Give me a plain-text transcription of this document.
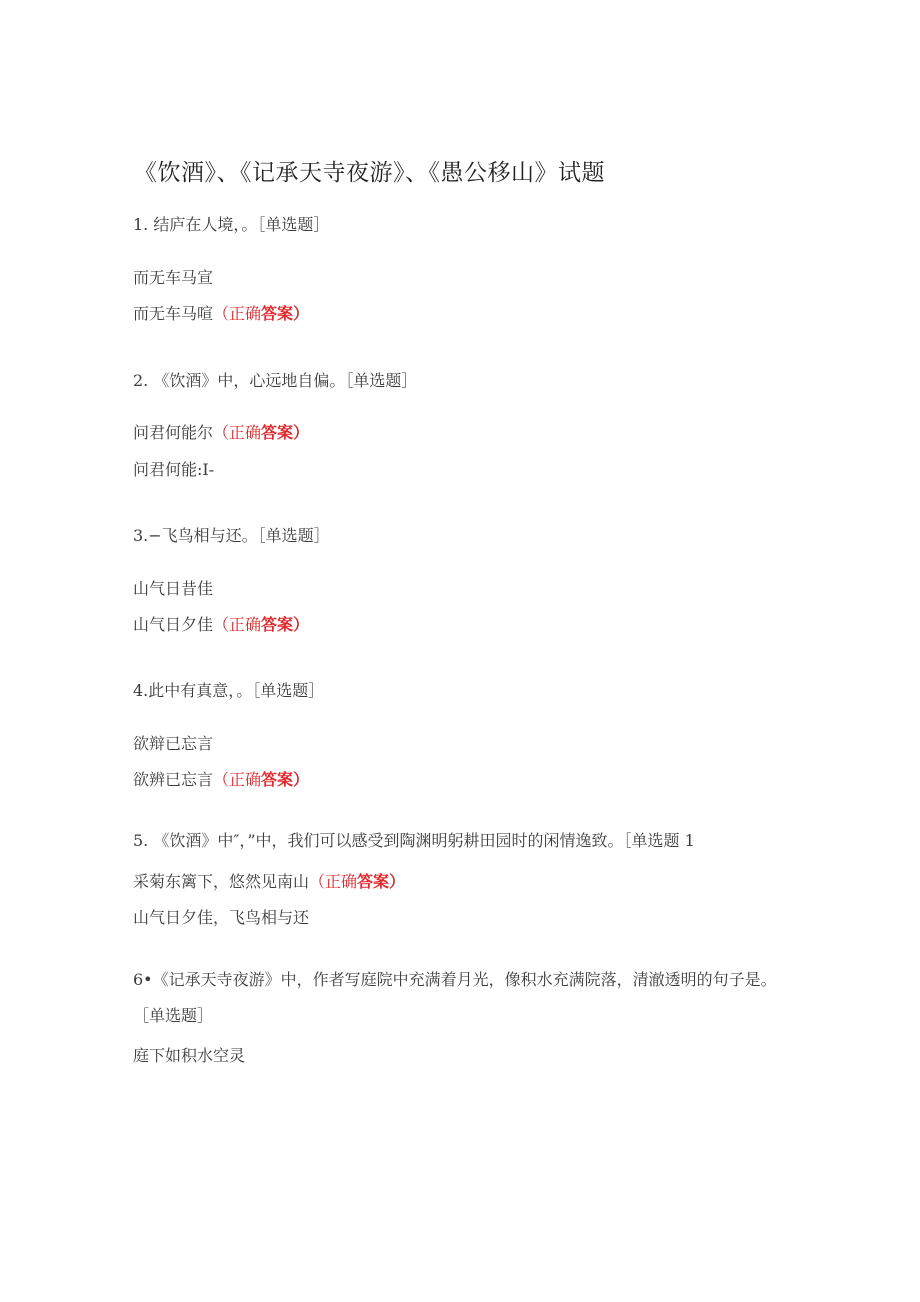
《饮酒》、《记承天寺夜游》、《愚公移山》试题
1. 结庐在人境，。［单选题］
而无车马宣
而无车马喧（正确答案）
2. 《饮酒》中，心远地自偏。［单选题］
问君何能尔（正确答案）
问君何能:I-
3.−飞鸟相与还。［单选题］
山气日昔佳
山气日夕佳（正确答案）
4.此中有真意，。［单选题］
欲辩已忘言
欲辨已忘言（正确答案）
5. 《饮酒》中″，”中，我们可以感受到陶渊明躬耕田园时的闲情逸致。［单选题 1
采菊东篱下，悠然见南山（正确答案）
山气日夕佳，飞鸟相与还
6•《记承天寺夜游》中，作者写庭院中充满着月光，像积水充满院落，清澈透明的句子是。［单选题］
庭下如积水空灵
